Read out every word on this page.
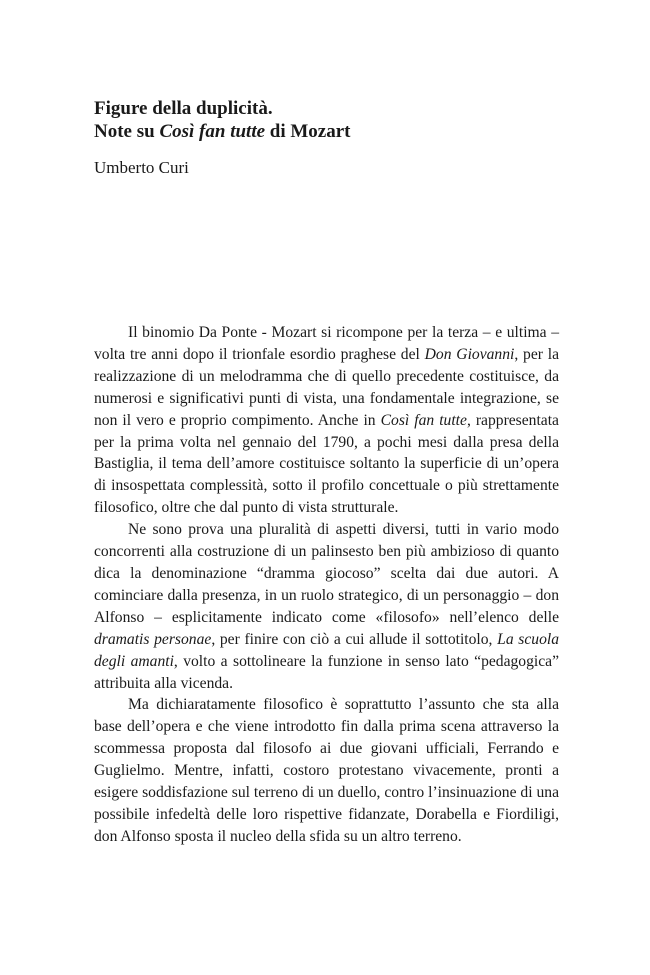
Figure della duplicità.
Note su Così fan tutte di Mozart

Umberto Curi

Il binomio Da Ponte - Mozart si ricompone per la terza – e ultima – volta tre anni dopo il trionfale esordio praghese del Don Giovanni, per la realizzazione di un melodramma che di quello precedente costituisce, da numerosi e significativi punti di vista, una fondamentale integrazione, se non il vero e proprio compimento. Anche in Così fan tutte, rappresentata per la prima volta nel gennaio del 1790, a pochi mesi dalla presa della Bastiglia, il tema dell’amore costituisce soltanto la superficie di un’opera di insospettata complessità, sotto il profilo concettuale o più strettamente filosofico, oltre che dal punto di vista strutturale.

Ne sono prova una pluralità di aspetti diversi, tutti in vario modo concorrenti alla costruzione di un palinsesto ben più ambizioso di quanto dica la denominazione “dramma giocoso” scelta dai due autori. A cominciare dalla presenza, in un ruolo strategico, di un personaggio – don Alfonso – esplicitamente indicato come «filosofo» nell’elenco delle dramatis personae, per finire con ciò a cui allude il sottotitolo, La scuola degli amanti, volto a sottolineare la funzione in senso lato “pedagogica” attribuita alla vicenda.

Ma dichiaratamente filosofico è soprattutto l’assunto che sta alla base dell’opera e che viene introdotto fin dalla prima scena attraverso la scommessa proposta dal filosofo ai due giovani ufficiali, Ferrando e Guglielmo. Mentre, infatti, costoro protestano vivacemente, pronti a esigere soddisfazione sul terreno di un duello, contro l’insinuazione di una possibile infedeltà delle loro rispettive fidanzate, Dorabella e Fiordiligi, don Alfonso sposta il nucleo della sfida su un altro terreno.
